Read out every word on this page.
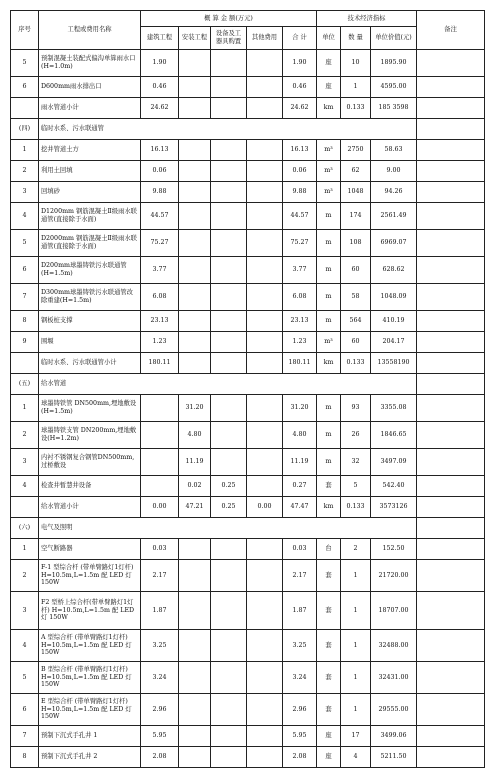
序号	工程或费用名称	概 算 金 额(万元)					技术经济指标			备注
		建筑工程	安装工程	设备及工器具购置	其他费用	合 计	单位	数 量	单位价值(元)	
5	预制混凝土装配式偏沟单算雨水口(H=1.0m)	1.90				1.90	座	10	1895.90	
6	D600mm雨水排出口	0.46				0.46	座	1	4595.00	
	雨水管道小计	24.62				24.62	km	0.133	185 3598	
(四)	临时水系、污水联通管									
1	挖井管道土方	16.13				16.13	m³	2750	58.63	
2	利用土回填	0.06				0.06	m³	62	9.00	
3	回填砂	9.88				9.88	m³	1048	94.26	
4	D1200mm 钢筋混凝土Ⅱ级雨水联通管(直接除于水面)	44.57				44.57	m	174	2561.49	
5	D2000mm 钢筋混凝土Ⅱ级雨水联通管(直接除于水面)	75.27				75.27	m	108	6969.07	
6	D200mm球墨铸铁污水联通管(H=1.5m)	3.77				3.77	m	60	628.62	
7	D300mm球墨铸铁污水联通管改除重建(H=1.5m)	6.08				6.08	m	58	1048.09	
8	钢板桩支撑	23.13				23.13	m	564	410.19	
9	围堰	1.23				1.23	m³	60	204.17	
	临时水系、污水联通管小计	180.11				180.11	km	0.133	13558190	
(五)	给水管道									
1	球墨铸铁管 DN500mm,埋地敷设(H=1.5m)		31.20			31.20	m	93	3355.08	
2	球墨铸铁支管 DN200mm,埋地敷设(H=1.2m)		4.80			4.80	m	26	1846.65	
3	内衬不锈钢复合钢管DN500mm,过桥敷设		11.19			11.19	m	32	3497.09	
4	检查井暂慧井设备		0.02	0.25		0.27	套	5	542.40	
	给水管道小计	0.00	47.21	0.25	0.00	47.47	km	0.133	3573126	
(六)	电气及照明									
1	空气断路器	0.03				0.03	台	2	152.50	
2	F-1 型综合杆 (带单臂路灯1灯杆) H=10.5m,L=1.5m 配 LED 灯 150W	2.17				2.17	套	1	21720.00	
3	F2 型桥上综合杆(带单臂路灯1灯杆) H=10.5m,L=1.5m 配 LED 灯 150W	1.87				1.87	套	1	18707.00	
4	A 型综合杆 (带单臂路灯1灯杆) H=10.5m,L=1.5m 配 LED 灯 150W	3.25				3.25	套	1	32488.00	
5	B 型综合杆 (带单臂路灯1灯杆) H=10.5m,L=1.5m 配 LED 灯 150W	3.24				3.24	套	1	32431.00	
6	E 型综合杆 (带单臂路灯1灯杆) H=10.5m,L=1.5m 配 LED 灯 150W	2.96				2.96	套	1	29555.00	
7	预制下沉式手孔井 1	5.95				5.95	座	17	3499.06	
8	预制下沉式手孔井 2	2.08				2.08	座	4	5211.50	
